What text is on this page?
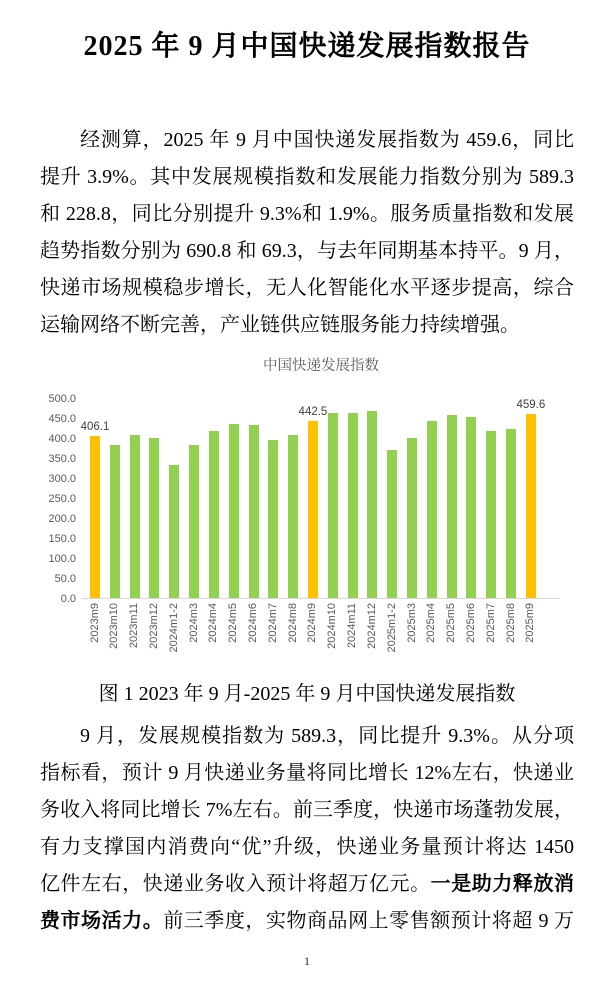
2025 年 9 月中国快递发展指数报告
经测算，2025 年 9 月中国快递发展指数为 459.6，同比
提升 3.9%。其中发展规模指数和发展能力指数分别为 589.3
和 228.8，同比分别提升 9.3%和 1.9%。服务质量指数和发展
趋势指数分别为 690.8 和 69.3，与去年同期基本持平。9 月，
快递市场规模稳步增长，无人化智能化水平逐步提高，综合
运输网络不断完善，产业链供应链服务能力持续增强。
中国快递发展指数
0.0
50.0
100.0
150.0
200.0
250.0
300.0
350.0
400.0
450.0
500.0
406.1
442.5
459.6
2023m9 2023m10 2023m11 2023m12 2024m1-2 2024m3 2024m4 2024m5 2024m6 2024m7 2024m8 2024m9 2024m10 2024m11 2024m12 2025m1-2 2025m3 2025m4 2025m5 2025m6 2025m7 2025m8 2025m9
图 1 2023 年 9 月-2025 年 9 月中国快递发展指数
9 月，发展规模指数为 589.3，同比提升 9.3%。从分项
指标看，预计 9 月快递业务量将同比增长 12%左右，快递业
务收入将同比增长 7%左右。前三季度，快递市场蓬勃发展，
有力支撑国内消费向“优”升级，快递业务量预计将达 1450
亿件左右，快递业务收入预计将超万亿元。一是助力释放消
费市场活力。前三季度，实物商品网上零售额预计将超 9 万
1
